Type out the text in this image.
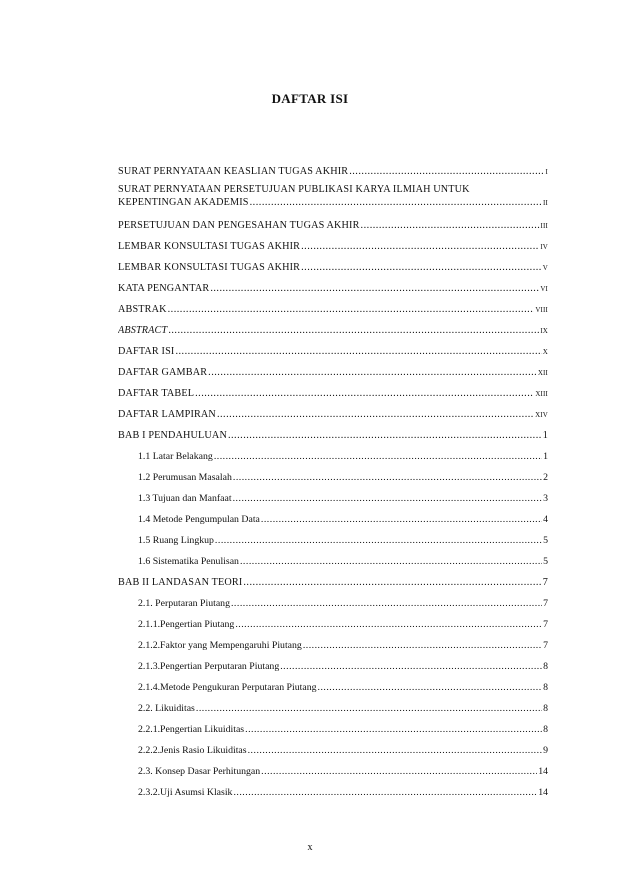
DAFTAR ISI
SURAT PERNYATAAN KEASLIAN TUGAS AKHIR .....	i
SURAT PERNYATAAN PERSETUJUAN PUBLIKASI KARYA ILMIAH UNTUK
KEPENTINGAN AKADEMIS .....	ii
PERSETUJUAN DAN PENGESAHAN TUGAS AKHIR .....	iii
LEMBAR KONSULTASI TUGAS AKHIR .....	iv
LEMBAR KONSULTASI TUGAS AKHIR .....	v
KATA PENGANTAR .....	vi
ABSTRAK .....	viii
ABSTRACT .....	ix
DAFTAR ISI .....	x
DAFTAR GAMBAR .....	xii
DAFTAR TABEL .....	xiii
DAFTAR LAMPIRAN .....	xiv
BAB I PENDAHULUAN .....	1
1.1 Latar Belakang .....	1
1.2 Perumusan Masalah .....	2
1.3 Tujuan dan Manfaat .....	3
1.4 Metode Pengumpulan Data .....	4
1.5 Ruang Lingkup .....	5
1.6 Sistematika Penulisan .....	5
BAB II LANDASAN TEORI .....	7
2.1. Perputaran Piutang .....	7
2.1.1. Pengertian Piutang .....	7
2.1.2. Faktor yang Mempengaruhi Piutang .....	7
2.1.3. Pengertian Perputaran Piutang .....	8
2.1.4. Metode Pengukuran Perputaran Piutang .....	8
2.2. Likuiditas .....	8
2.2.1. Pengertian Likuiditas .....	8
2.2.2. Jenis Rasio Likuiditas .....	9
2.3. Konsep Dasar Perhitungan .....	14
2.3.2. Uji Asumsi Klasik .....	14
x
